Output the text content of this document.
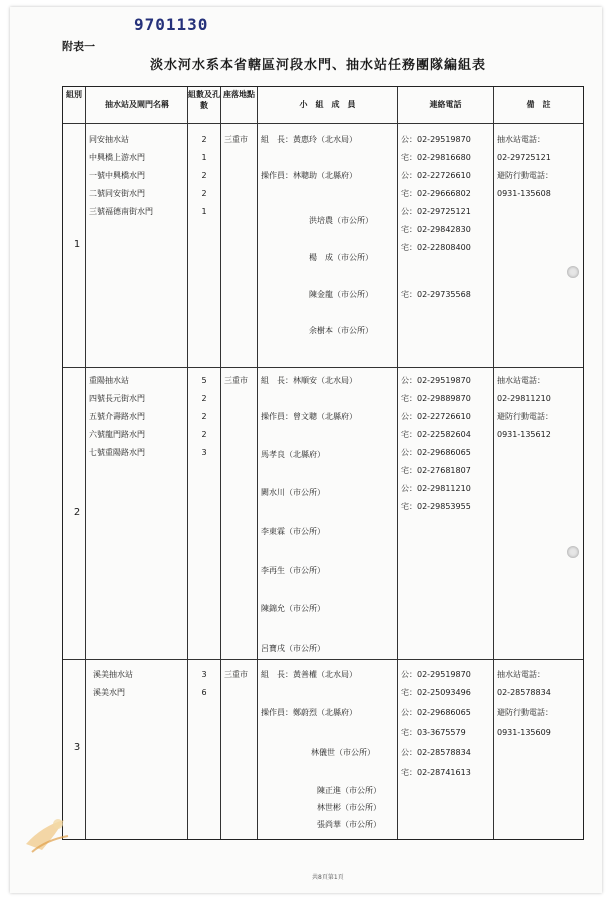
9701130
附表一
淡水河水系本省轄區河段水門、抽水站任務團隊編組表
組別
抽水站及閘門名稱
組數及孔數
座落地點
小　組　成　員	連絡電話	備　註
1
同安抽水站
中興橋上游水門
一號中興橋水門
二號同安街水門
三號福德南街水門
2
1
2
2
1
三重市 組　長：黃惠玲（北水局）
操作員：林聰助（北縣府）
洪培農（市公所）
楊　成（市公所）
陳金龍（市公所）
余樹本（市公所）
公：02-29519870
宅：02-29816680
公：02-22726610
宅：02-29666802
公：02-29725121
宅：02-29842830
宅：02-22808400
宅：02-29735568
抽水站電話：
02-29725121
避防行動電話：
0931-135608
2
重陽抽水站
四號長元街水門
五號介壽路水門
六號龍門路水門
七號重陽路水門
5
2
2
2
3
三重市 組　長：林順安（北水局）
操作員：曾文聰（北縣府）
馬孝良（北縣府）
闕水川（市公所）
李東霖（市公所）
李再生（市公所）
陳錦允（市公所）
呂寶戌（市公所）
公：02-29519870
宅：02-29889870
公：02-22726610
宅：02-22582604
公：02-29686065
宅：02-27681807
公：02-29811210
宅：02-29853955
抽水站電話：
02-29811210
避防行動電話：
0931-135612
3
溪美抽水站
溪美水門
3
6
三重市 組　長：黃善權（北水局）
操作員：鄭蔚烈（北縣府）
林儀世（市公所）
陳正進（市公所）
林世彬（市公所）
張尚華（市公所）
公：02-29519870
宅：02-25093496
公：02-29686065
宅：03-3675579
公：02-28578834
宅：02-28741613
抽水站電話：
02-28578834
避防行動電話：
0931-135609
共8頁第1頁
